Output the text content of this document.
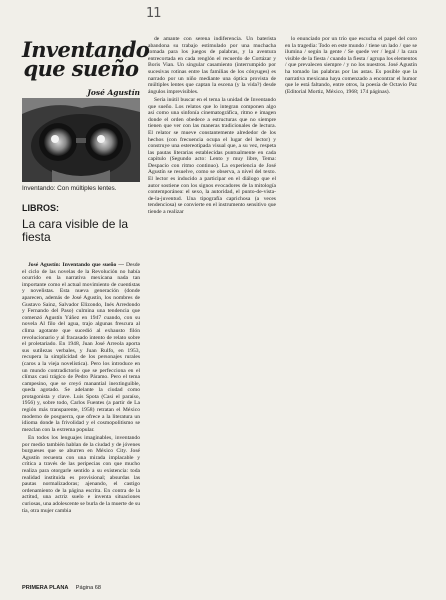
11
Inventando
que sueño
José Agustín
Inventando: Con múltiples lentes.
LIBROS:
La cara visible de la fiesta

José Agustín: Inventando que sueño — Desde el ciclo de las novelas de la Revolución no había ocurrido en la narrativa mexicana nada tan importante como el actual movimiento de cuentistas y novelistas. Esta nueva generación (donde aparecen, además de José Agustín, los nombres de Gustavo Sainz, Salvador Elizondo, Inés Arredondo y Fernando del Paso) culmina una tendencia que comenzó Agustín Yáñez en 1947 cuando, con su novela Al filo del agua, trajo algunas frescura al clima agotante que sucedió al exhausto filón revolucionario y al fracasado intento de relato sobre el proletariado. En 1948, Juan José Arreola aporta sus sutilezas verbales, y Juan Rulfo, en 1953, recupera la simplicidad de los personajes rurales (caros a la vieja novelística). Pero los introduce en un mundo contradictorio que se perfecciona en el clímax casi trágico de Pedro Páramo. Pero el tema campesino, que se creyó manantial inextinguible, queda agotado. Se adelante la ciudad como protagonista y clave. Luis Spota (Casi el paraíso, 1956) y, sobre todo, Carlos Fuentes (a partir de La región más transparente, 1958) retratan el México moderno de posguerra, que ofrece a la literatura un idioma donde la frivolidad y el cosmopolitismo se mezclan con la extrema popular.

En todos los lenguajes imaginables, inventando por medio también hablan de la ciudad y de jóvenes burgueses que se aburren en México City. José Agustín recuenta con una mirada implacable y crítica a través de las peripecias con que mucho realiza para otorgarle sentido a su existencia: toda realidad instituida es provisional; absurdas las pautas normalizadoras; ajenando, el castigo ordenamiento de la página escrita. En contra de la actitud, una actriz suelo e inventa situaciones curiosas, una adolescente se burla de la muerte de su tía, otra mujer cambia

de amante con serena indiferencia. Un baterista abandona su trabajo estimulado por una muchacha tomada para los juegos de palabras, y la aventura entrecortada en cada renglón el recuerdo de Cortázar y Boris Vian. Un singular casamiento (interrumpido por sucesivas rotinas entre las familias de los cónyuges) es narrado por un niño mediante una óptica provista de múltiples lentes que captan la escena (y la vida?) desde ángulos imprevisibles.

Sería inútil buscar en el tema la unidad de Inventando que sueño. Los relatos que lo integran componen algo así como una sinfonía cinematográfica, ritmo e imagen donde el orden obedece a estructuras que no siempre tienen que ver con las maneras tradicionales de lectura. El relator se mueve constantemente alrededor de los hechos (con frecuencia ocupa el lugar del lector) y construye una estereotipada visual que, a su vez, respeta las pautas literarias establecidas puntualmente en cada capítulo (Segundo acto: Lento y muy libre, Tema: Despacio con ritmo continuo). La experiencia de José Agustín se resuelve, como se observa, a nivel del texto. El lector es inducido a participar en el diálogo que el autor sostiene con los signos evocadores de la mitología contemporánea: el sexo, la autoridad, el punto-de-vista-de-la-juventud. Una tipografía caprichosa (a veces tendenciosa) se convierte en el instrumento sensitivo que tiende a realizar

lo enunciado por un trío que escucha el papel del coro en la tragedia: Todo en este mundo / tiene un lado / que se ilumina / según la gente / Se quede ver / legal / la cara visible de la fiesta / cuando la fiesta / agrupa los elementos / que prevalecen siempre / y no los nuestros. José Agustín ha tomado las palabras por las astas. Es posible que la narrativa mexicana haya comenzado a encontrar el humor que le está faltando, entre otros, la poesía de Octavio Paz (Editorial Mortiz, México, 1968; 174 páginas).

PRIMERA PLANA Página 68
